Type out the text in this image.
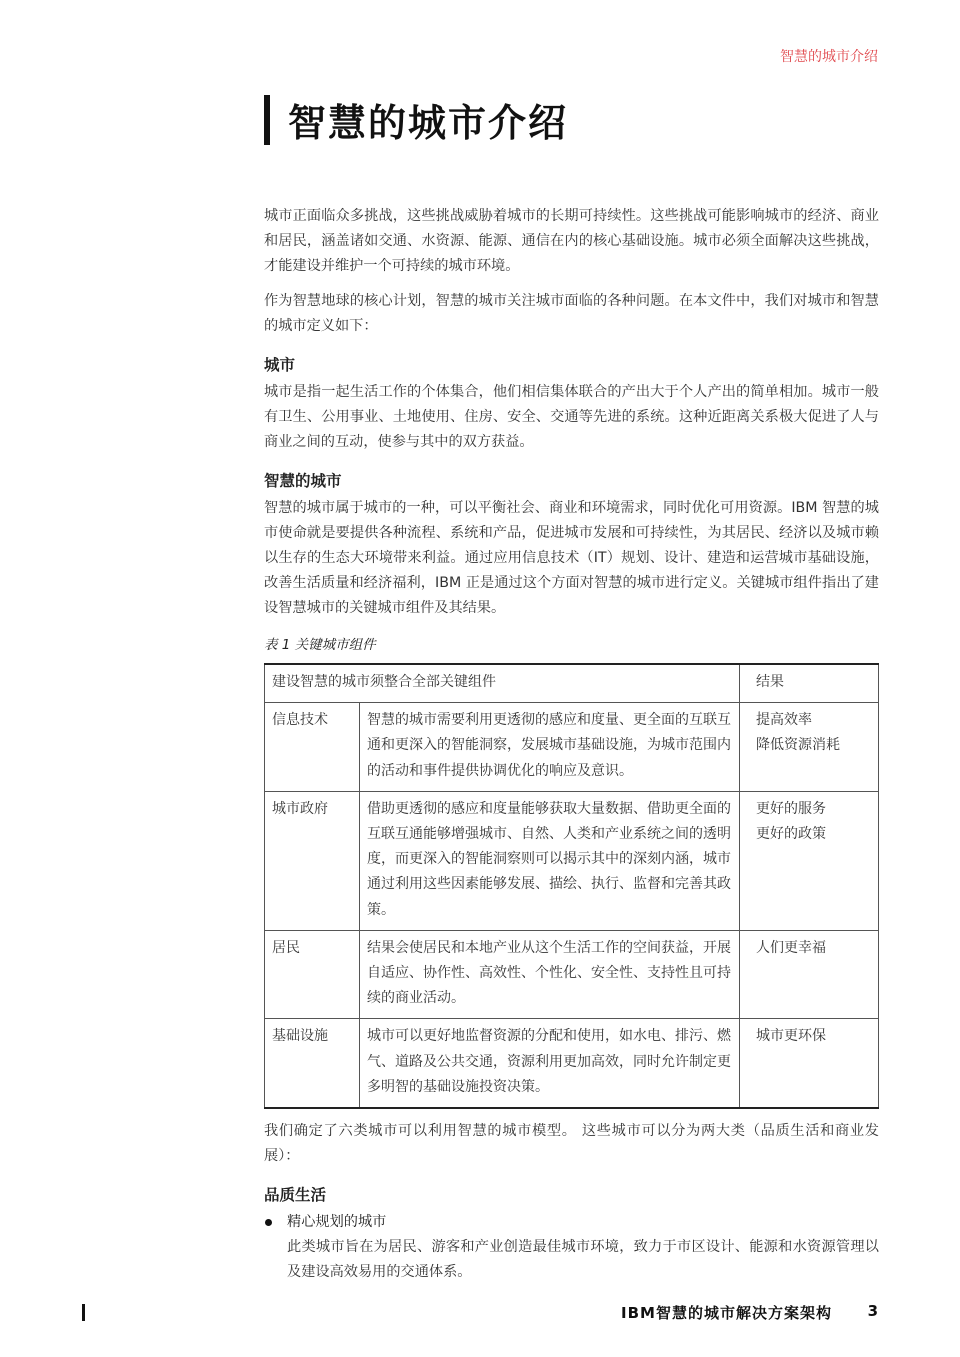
智慧的城市介绍
智慧的城市介绍

城市正面临众多挑战，这些挑战威胁着城市的长期可持续性。这些挑战可能影响城市的经济、商业和居民，涵盖诸如交通、水资源、能源、通信在内的核心基础设施。城市必须全面解决这些挑战，才能建设并维护一个可持续的城市环境。

作为智慧地球的核心计划，智慧的城市关注城市面临的各种问题。在本文件中，我们对城市和智慧的城市定义如下：

城市

城市是指一起生活工作的个体集合，他们相信集体联合的产出大于个人产出的简单相加。城市一般有卫生、公用事业、土地使用、住房、安全、交通等先进的系统。这种近距离关系极大促进了人与商业之间的互动，使参与其中的双方获益。

智慧的城市

智慧的城市属于城市的一种，可以平衡社会、商业和环境需求，同时优化可用资源。IBM 智慧的城市使命就是要提供各种流程、系统和产品，促进城市发展和可持续性，为其居民、经济以及城市赖以生存的生态大环境带来利益。通过应用信息技术（IT）规划、设计、建造和运营城市基础设施，改善生活质量和经济福利，IBM 正是通过这个方面对智慧的城市进行定义。关键城市组件指出了建设智慧城市的关键城市组件及其结果。

表 1 关键城市组件

建设智慧的城市须整合全部关键组件		结果
信息技术	智慧的城市需要利用更透彻的感应和度量、更全面的互联互通和更深入的智能洞察，发展城市基础设施，为城市范围内的活动和事件提供协调优化的响应及意识。	提高效率
降低资源消耗

城市政府	借助更透彻的感应和度量能够获取大量数据、借助更全面的互联互通能够增强城市、自然、人类和产业系统之间的透明度，而更深入的智能洞察则可以揭示其中的深刻内涵，城市通过利用这些因素能够发展、描绘、执行、监督和完善其政策。	更好的服务
更好的政策

居民	结果会使居民和本地产业从这个生活工作的空间获益，开展自适应、协作性、高效性、个性化、安全性、支持性且可持续的商业活动。	人们更幸福

基础设施	城市可以更好地监督资源的分配和使用，如水电、排污、燃气、道路及公共交通，资源利用更加高效，同时允许制定更多明智的基础设施投资决策。	城市更环保

我们确定了六类城市可以利用智慧的城市模型。 这些城市可以分为两大类（品质生活和商业发展）：

品质生活

精心规划的城市

此类城市旨在为居民、游客和产业创造最佳城市环境，致力于市区设计、能源和水资源管理以及建设高效易用的交通体系。

IBM智慧的城市解决方案架构 3
